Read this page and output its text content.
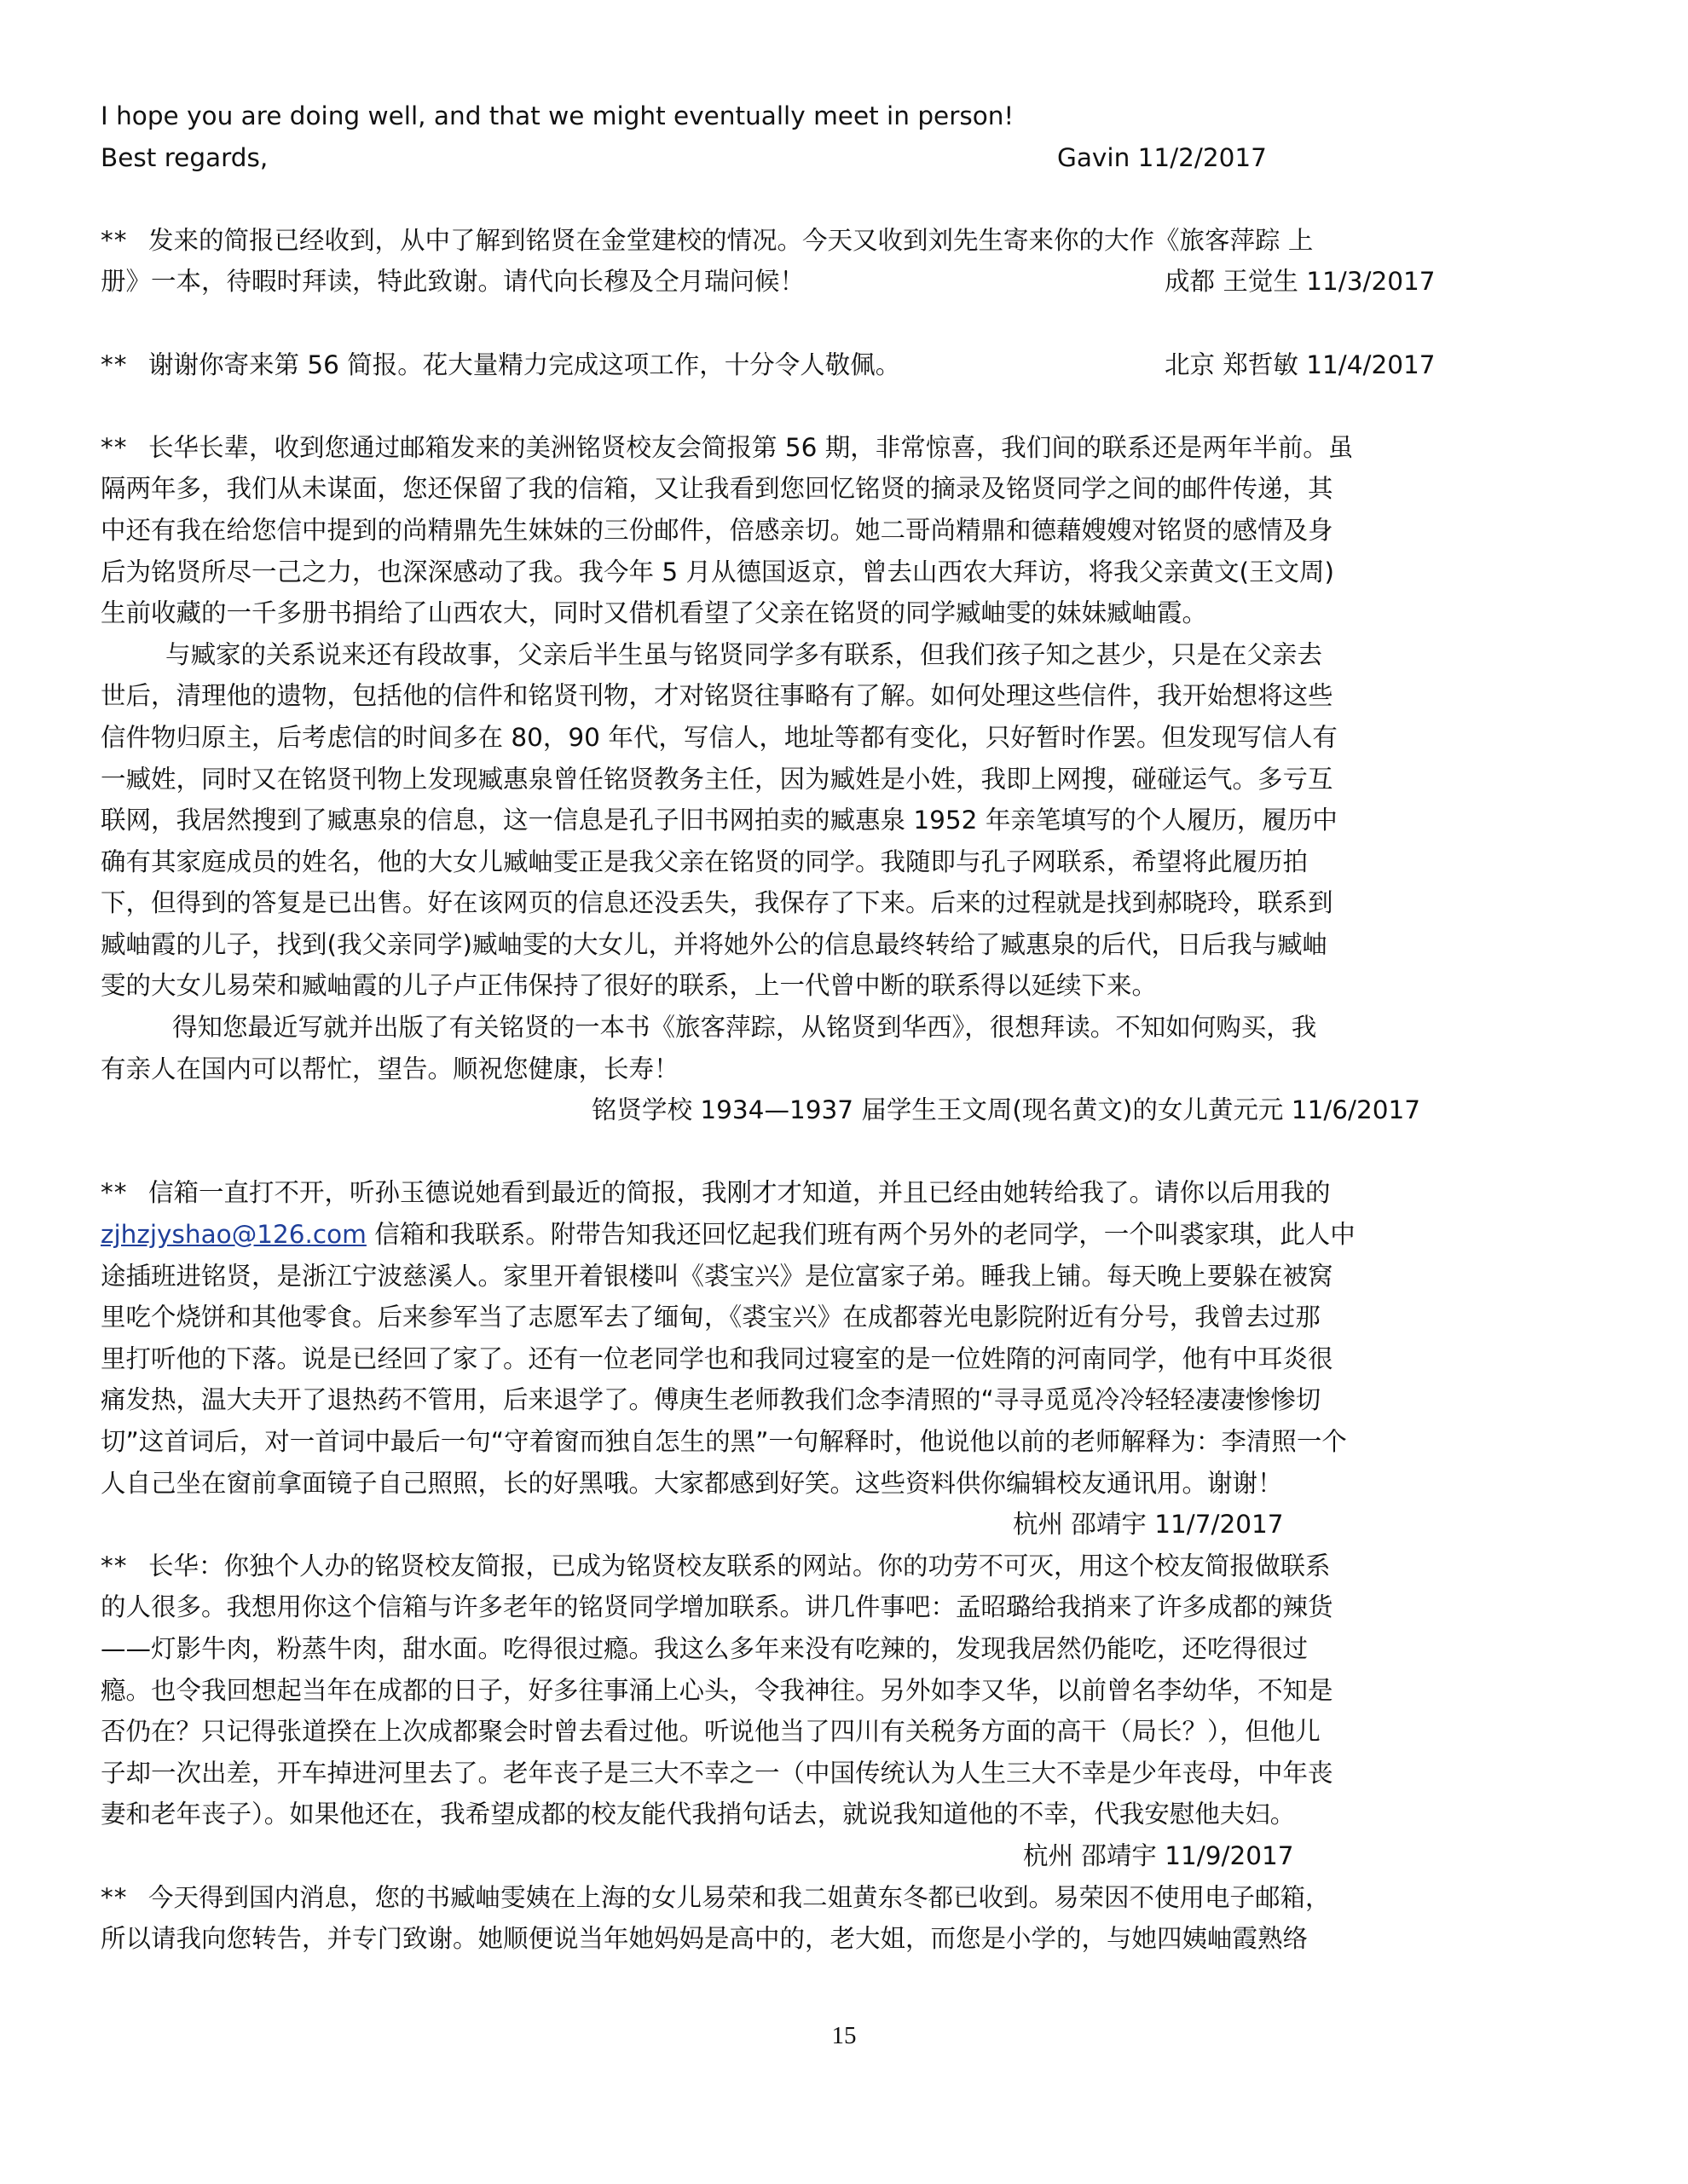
I hope you are doing well, and that we might eventually meet in person!

Best regards,	Gavin 11/2/2017

** 发来的简报已经收到，从中了解到铭贤在金堂建校的情况。今天又收到刘先生寄来你的大作《旅客萍踪 上

册》一本，待暇时拜读，特此致谢。请代向长穆及仝月瑞问候！	成都 王觉生 11/3/2017

** 谢谢你寄来第 56 简报。花大量精力完成这项工作，十分令人敬佩。	北京 郑哲敏 11/4/2017

** 长华长辈，收到您通过邮箱发来的美洲铭贤校友会简报第 56 期，非常惊喜，我们间的联系还是两年半前。虽

隔两年多，我们从未谋面，您还保留了我的信箱，又让我看到您回忆铭贤的摘录及铭贤同学之间的邮件传递，其

中还有我在给您信中提到的尚精鼎先生妹妹的三份邮件，倍感亲切。她二哥尚精鼎和德藉嫂嫂对铭贤的感情及身

后为铭贤所尽一己之力，也深深感动了我。我今年 5 月从德国返京，曾去山西农大拜访，将我父亲黄文(王文周)

生前收藏的一千多册书捐给了山西农大，同时又借机看望了父亲在铭贤的同学臧岫雯的妹妹臧岫霞。

与臧家的关系说来还有段故事，父亲后半生虽与铭贤同学多有联系，但我们孩子知之甚少，只是在父亲去

世后，清理他的遗物，包括他的信件和铭贤刊物，才对铭贤往事略有了解。如何处理这些信件，我开始想将这些

信件物归原主，后考虑信的时间多在 80，90 年代，写信人，地址等都有变化，只好暂时作罢。但发现写信人有

一臧姓，同时又在铭贤刊物上发现臧惠泉曾任铭贤教务主任，因为臧姓是小姓，我即上网搜，碰碰运气。多亏互

联网，我居然搜到了臧惠泉的信息，这一信息是孔子旧书网拍卖的臧惠泉 1952 年亲笔填写的个人履历，履历中

确有其家庭成员的姓名，他的大女儿臧岫雯正是我父亲在铭贤的同学。我随即与孔子网联系，希望将此履历拍

下，但得到的答复是已出售。好在该网页的信息还没丢失，我保存了下来。后来的过程就是找到郝晓玲，联系到

臧岫霞的儿子，找到(我父亲同学)臧岫雯的大女儿，并将她外公的信息最终转给了臧惠泉的后代，日后我与臧岫

雯的大女儿易荣和臧岫霞的儿子卢正伟保持了很好的联系，上一代曾中断的联系得以延续下来。

得知您最近写就并出版了有关铭贤的一本书《旅客萍踪，从铭贤到华西》，很想拜读。不知如何购买，我

有亲人在国内可以帮忙，望告。顺祝您健康，长寿！

铭贤学校 1934—1937 届学生王文周(现名黄文)的女儿黄元元 11/6/2017

** 信箱一直打不开，听孙玉德说她看到最近的简报，我刚才才知道，并且已经由她转给我了。请你以后用我的

zjhzjyshao@126.com 信箱和我联系。附带告知我还回忆起我们班有两个另外的老同学，一个叫裘家琪，此人中

途插班进铭贤，是浙江宁波慈溪人。家里开着银楼叫《裘宝兴》是位富家子弟。睡我上铺。每天晚上要躲在被窝

里吃个烧饼和其他零食。后来参军当了志愿军去了缅甸，《裘宝兴》在成都蓉光电影院附近有分号，我曾去过那

里打听他的下落。说是已经回了家了。还有一位老同学也和我同过寝室的是一位姓隋的河南同学，他有中耳炎很

痛发热，温大夫开了退热药不管用，后来退学了。傅庚生老师教我们念李清照的“寻寻觅觅冷冷轻轻凄凄惨惨切

切”这首词后，对一首词中最后一句“守着窗而独自怎生的黑”一句解释时，他说他以前的老师解释为：李清照一个

人自己坐在窗前拿面镜子自己照照，长的好黑哦。大家都感到好笑。这些资料供你编辑校友通讯用。谢谢！

杭州 邵靖宇 11/7/2017

** 长华：你独个人办的铭贤校友简报，已成为铭贤校友联系的网站。你的功劳不可灭，用这个校友简报做联系

的人很多。我想用你这个信箱与许多老年的铭贤同学增加联系。讲几件事吧：孟昭璐给我捎来了许多成都的辣货

——灯影牛肉，粉蒸牛肉，甜水面。吃得很过瘾。我这么多年来没有吃辣的，发现我居然仍能吃，还吃得很过

瘾。也令我回想起当年在成都的日子，好多往事涌上心头，令我神往。另外如李又华，以前曾名李幼华，不知是

否仍在？只记得张道揆在上次成都聚会时曾去看过他。听说他当了四川有关税务方面的高干（局长？），但他儿

子却一次出差，开车掉进河里去了。老年丧子是三大不幸之一（中国传统认为人生三大不幸是少年丧母，中年丧

妻和老年丧子）。如果他还在，我希望成都的校友能代我捎句话去，就说我知道他的不幸，代我安慰他夫妇。

杭州 邵靖宇 11/9/2017

** 今天得到国内消息，您的书臧岫雯姨在上海的女儿易荣和我二姐黄东冬都已收到。易荣因不使用电子邮箱，

所以请我向您转告，并专门致谢。她顺便说当年她妈妈是高中的，老大姐，而您是小学的，与她四姨岫霞熟络

15
